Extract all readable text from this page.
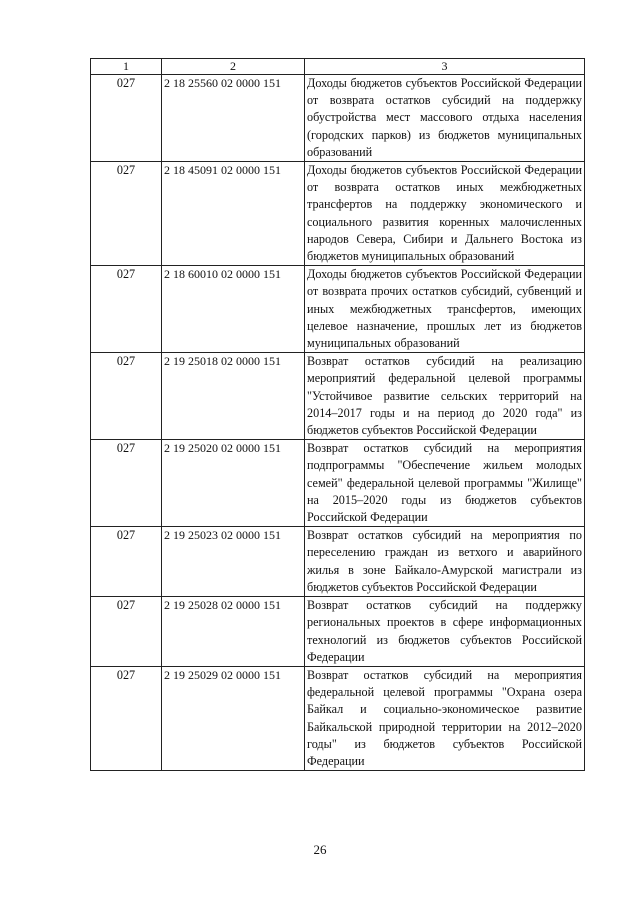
1	2	3
027	2 18 25560 02 0000 151	Доходы бюджетов субъектов Российской Федерации от возврата остатков субсидий на поддержку обустройства мест массового отдыха населения (городских парков) из бюджетов муниципальных образований
027	2 18 45091 02 0000 151	Доходы бюджетов субъектов Российской Федерации от возврата остатков иных межбюджетных трансфертов на поддержку экономического и социального развития коренных малочисленных народов Севера, Сибири и Дальнего Востока из бюджетов муниципальных образований
027	2 18 60010 02 0000 151	Доходы бюджетов субъектов Российской Федерации от возврата прочих остатков субсидий, субвенций и иных межбюджетных трансфертов, имеющих целевое назначение, прошлых лет из бюджетов муниципальных образований
027	2 19 25018 02 0000 151	Возврат остатков субсидий на реализацию мероприятий федеральной целевой программы "Устойчивое развитие сельских территорий на 2014–2017 годы и на период до 2020 года" из бюджетов субъектов Российской Федерации
027	2 19 25020 02 0000 151	Возврат остатков субсидий на мероприятия подпрограммы "Обеспечение жильем молодых семей" федеральной целевой программы "Жилище" на 2015–2020 годы из бюджетов субъектов Российской Федерации
027	2 19 25023 02 0000 151	Возврат остатков субсидий на мероприятия по переселению граждан из ветхого и аварийного жилья в зоне Байкало-Амурской магистрали из бюджетов субъектов Российской Федерации
027	2 19 25028 02 0000 151	Возврат остатков субсидий на поддержку региональных проектов в сфере информационных технологий из бюджетов субъектов Российской Федерации
027	2 19 25029 02 0000 151	Возврат остатков субсидий на мероприятия федеральной целевой программы "Охрана озера Байкал и социально-экономическое развитие Байкальской природной территории на 2012–2020 годы" из бюджетов субъектов Российской Федерации
26
